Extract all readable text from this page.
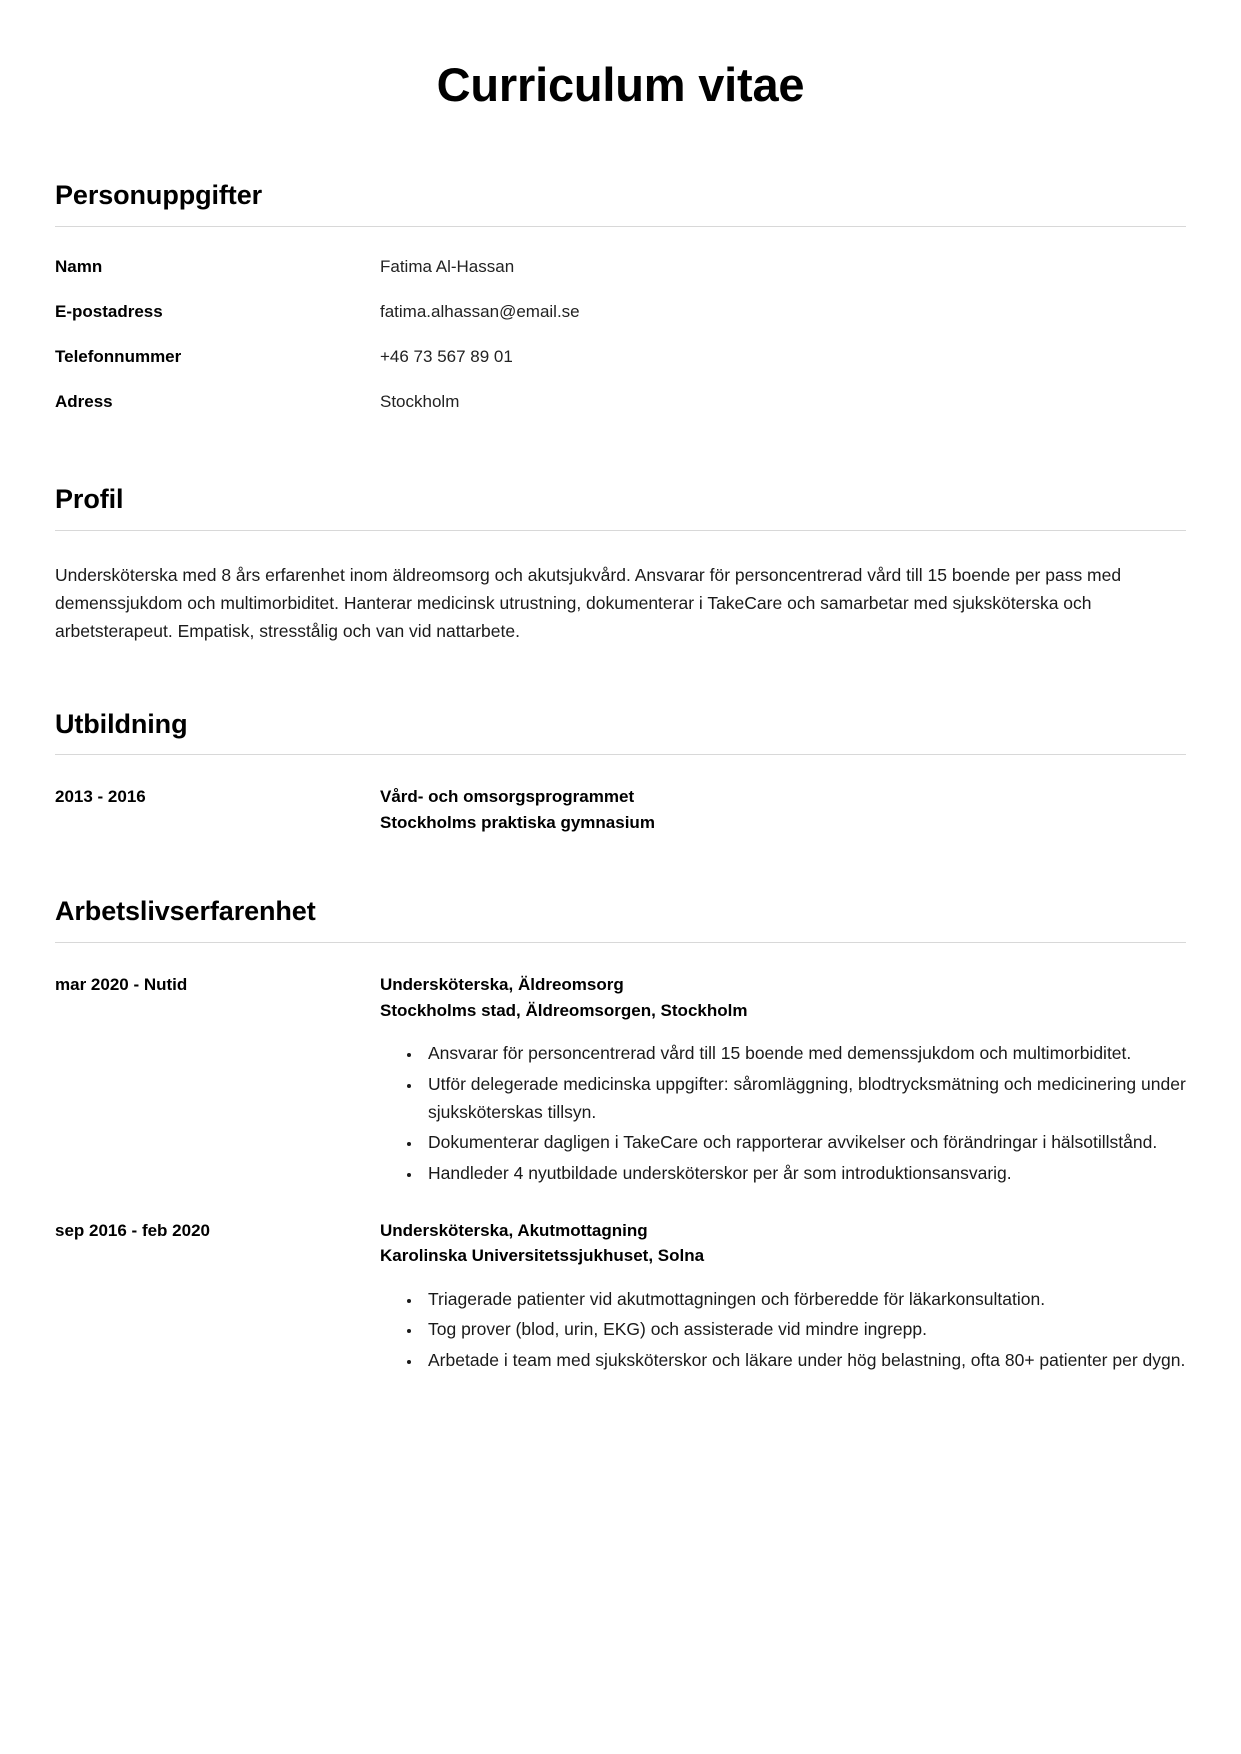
Curriculum vitae
Personuppgifter
Namn	Fatima Al-Hassan
E-postadress	fatima.alhassan@email.se
Telefonnummer	+46 73 567 89 01
Adress	Stockholm
Profil

Undersköterska med 8 års erfarenhet inom äldreomsorg och akutsjukvård. Ansvarar för personcentrerad vård till 15 boende per pass med demenssjukdom och multimorbiditet. Hanterar medicinsk utrustning, dokumenterar i TakeCare och samarbetar med sjuksköterska och arbetsterapeut. Empatisk, stresstålig och van vid nattarbete.

Utbildning
2013 - 2016	Vård- och omsorgsprogrammet
Stockholms praktiska gymnasium
Arbetslivserfarenhet
mar 2020 - Nutid	Undersköterska, Äldreomsorg
Stockholms stad, Äldreomsorgen, Stockholm
• Ansvarar för personcentrerad vård till 15 boende med demenssjukdom och multimorbiditet.
• Utför delegerade medicinska uppgifter: såromläggning, blodtrycksmätning och medicinering under sjuksköterskas tillsyn.
• Dokumenterar dagligen i TakeCare och rapporterar avvikelser och förändringar i hälsotillstånd.
• Handleder 4 nyutbildade undersköterskor per år som introduktionsansvarig.
sep 2016 - feb 2020	Undersköterska, Akutmottagning
Karolinska Universitetssjukhuset, Solna
• Triagerade patienter vid akutmottagningen och förberedde för läkarkonsultation.
• Tog prover (blod, urin, EKG) och assisterade vid mindre ingrepp.
• Arbetade i team med sjuksköterskor och läkare under hög belastning, ofta 80+ patienter per dygn.
